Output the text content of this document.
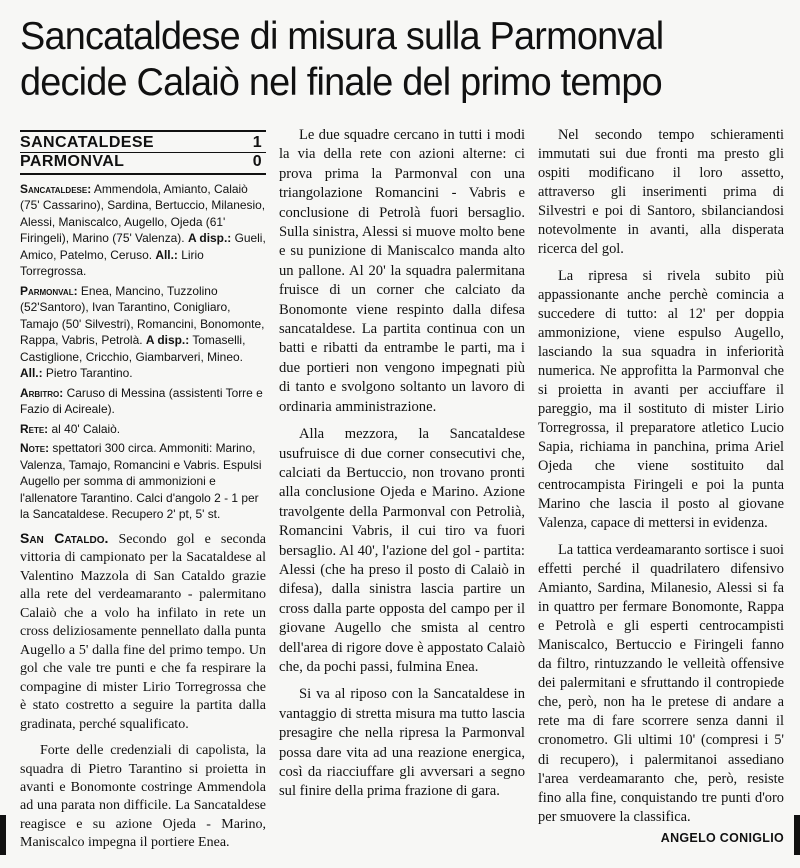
Sancataldese di misura sulla Parmonval
decide Calaiò nel finale del primo tempo
SANCATALDESE	1
PARMONVAL	0
Sancataldese: Ammendola, Amianto, Calaiò (75' Cassarino), Sardina, Bertuccio, Milanesio, Alessi, Maniscalco, Augello, Ojeda (61' Firingeli), Marino (75' Valenza). A disp.: Gueli, Amico, Patelmo, Ceruso. All.: Lirio Torregrossa.
Parmonval: Enea, Mancino, Tuzzolino (52'Santoro), Ivan Tarantino, Conigliaro, Tamajo (50' Silvestri), Romancini, Bonomonte, Rappa, Vabris, Petrolà. A disp.: Tomaselli, Castiglione, Cricchio, Giambarveri, Mineo. All.: Pietro Tarantino.
Arbitro: Caruso di Messina (assistenti Torre e Fazio di Acireale).
Rete: al 40' Calaiò.
Note: spettatori 300 circa. Ammoniti: Marino, Valenza, Tamajo, Romancini e Vabris. Espulsi Augello per somma di ammonizioni e l'allenatore Tarantino. Calci d'angolo 2 - 1 per la Sancataldese. Recupero 2' pt, 5' st.

San Cataldo. Secondo gol e seconda vittoria di campionato per la Sacataldese al Valentino Mazzola di San Cataldo grazie alla rete del verdeamaranto - palermitano Calaiò che a volo ha infilato in rete un cross deliziosamente pennellato dalla punta Augello a 5' dalla fine del primo tempo. Un gol che vale tre punti e che fa respirare la compagine di mister Lirio Torregrossa che è stato costretto a seguire la partita dalla gradinata, perché squalificato.

Forte delle credenziali di capolista, la squadra di Pietro Tarantino si proietta in avanti e Bonomonte costringe Ammendola ad una parata non difficile. La Sancataldese reagisce e su azione Ojeda - Marino, Maniscalco impegna il portiere Enea.

Le due squadre cercano in tutti i modi la via della rete con azioni alterne: ci prova prima la Parmonval con una triangolazione Romancini - Vabris e conclusione di Petrolà fuori bersaglio. Sulla sinistra, Alessi si muove molto bene e su punizione di Maniscalco manda alto un pallone. Al 20' la squadra palermitana fruisce di un corner che calciato da Bonomonte viene respinto dalla difesa sancataldese. La partita continua con un batti e ribatti da entrambe le parti, ma i due portieri non vengono impegnati più di tanto e svolgono soltanto un lavoro di ordinaria amministrazione.

Alla mezzora, la Sancataldese usufruisce di due corner consecutivi che, calciati da Bertuccio, non trovano pronti alla conclusione Ojeda e Marino. Azione travolgente della Parmonval con Petrolià, Romancini Vabris, il cui tiro va fuori bersaglio. Al 40', l'azione del gol - partita: Alessi (che ha preso il posto di Calaiò in difesa), dalla sinistra lascia partire un cross dalla parte opposta del campo per il giovane Augello che smista al centro dell'area di rigore dove è appostato Calaiò che, da pochi passi, fulmina Enea.

Si va al riposo con la Sancataldese in vantaggio di stretta misura ma tutto lascia presagire che nella ripresa la Parmonval possa dare vita ad una reazione energica, così da riacciuffare gli avversari a segno sul finire della prima frazione di gara.

Nel secondo tempo schieramenti immutati sui due fronti ma presto gli ospiti modificano il loro assetto, attraverso gli inserimenti prima di Silvestri e poi di Santoro, sbilanciandosi notevolmente in avanti, alla disperata ricerca del gol.

La ripresa si rivela subito più appassionante anche perchè comincia a succedere di tutto: al 12' per doppia ammonizione, viene espulso Augello, lasciando la sua squadra in inferiorità numerica. Ne approfitta la Parmonval che si proietta in avanti per acciuffare il pareggio, ma il sostituto di mister Lirio Torregrossa, il preparatore atletico Lucio Sapia, richiama in panchina, prima Ariel Ojeda che viene sostituito dal centrocampista Firingeli e poi la punta Marino che lascia il posto al giovane Valenza, capace di mettersi in evidenza.

La tattica verdeamaranto sortisce i suoi effetti perché il quadrilatero difensivo Amianto, Sardina, Milanesio, Alessi si fa in quattro per fermare Bonomonte, Rappa e Petrolà e gli esperti centrocampisti Maniscalco, Bertuccio e Firingeli fanno da filtro, rintuzzando le velleità offensive dei palermitani e sfruttando il contropiede che, però, non ha le pretese di andare a rete ma di fare scorrere senza danni il cronometro. Gli ultimi 10' (compresi i 5' di recupero), i palermitanoi assediano l'area verdeamaranto che, però, resiste fino alla fine, conquistando tre punti d'oro per smuovere la classifica.

ANGELO CONIGLIO
